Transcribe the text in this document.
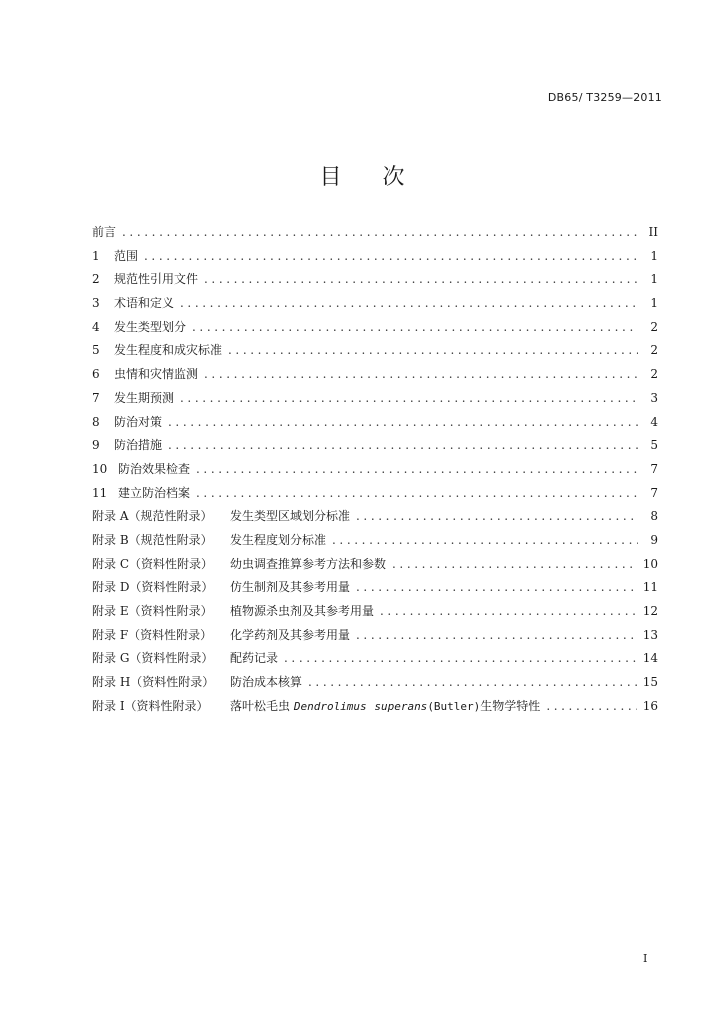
DB65/ T3259—2011
目 次
前言 .....	II
1 范围 .....	1
2 规范性引用文件 .....	1
3 术语和定义 .....	1
4 发生类型划分 .....	2
5 发生程度和成灾标准 .....	2
6 虫情和灾情监测 .....	2
7 发生期预测 .....	3
8 防治对策 .....	4
9 防治措施 .....	5
10 防治效果检查 .....	7
11 建立防治档案 .....	7
附录 A（规范性附录） 发生类型区域划分标准 .....	8
附录 B（规范性附录） 发生程度划分标准 .....	9
附录 C（资料性附录） 幼虫调查推算参考方法和参数 .....	10
附录 D（资料性附录） 仿生制剂及其参考用量 .....	11
附录 E（资料性附录） 植物源杀虫剂及其参考用量 .....	12
附录 F（资料性附录） 化学药剂及其参考用量 .....	13
附录 G（资料性附录） 配药记录 .....	14
附录 H（资料性附录） 防治成本核算 .....	15
附录 I（资料性附录） 落叶松毛虫 Dendrolimus superans(Butler)生物学特性 .....	16
I
